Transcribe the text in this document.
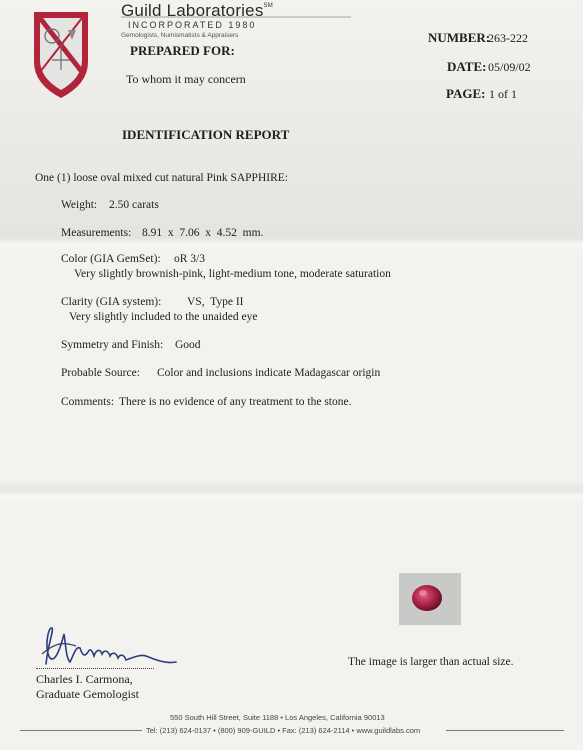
Guild Laboratories℠
INCORPORATED 1980
Gemologists, Numismatists & Appraisers
PREPARED FOR:
To whom it may concern
NUMBER:
263-222
DATE: 05/09/02
PAGE: 1 of 1
IDENTIFICATION REPORT
One (1) loose oval mixed cut natural Pink SAPPHIRE:
Weight: 2.50 carats
Measurements: 8.91  x  7.06  x  4.52  mm.
Color (GIA GemSet): oR 3/3
Very slightly brownish-pink, light-medium tone, moderate saturation
Clarity (GIA system): VS,  Type II
Very slightly included to the unaided eye
Symmetry and Finish: Good
Probable Source: Color and inclusions indicate Madagascar origin
Comments: There is no evidence of any treatment to the stone.
The image is larger than actual size.
Charles I. Carmona,
Graduate Gemologist
550 South Hill Street, Suite 1188 • Los Angeles, California 90013
Tel: (213) 624-0137 • (800) 909-GUILD • Fax: (213) 624-2114 • www.guildlabs.com
